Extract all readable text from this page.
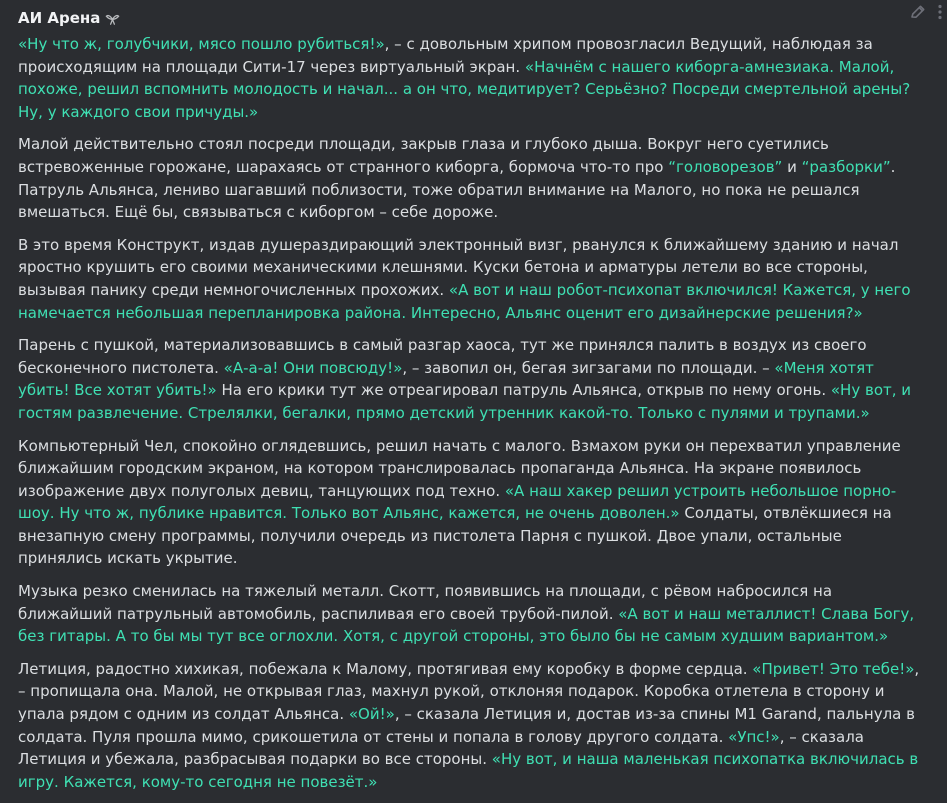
АИ Арена

«Ну что ж, голубчики, мясо пошло рубиться!», – с довольным хрипом провозгласил Ведущий, наблюдая за происходящим на площади Сити-17 через виртуальный экран. «Начнём с нашего киборга-амнезиака. Малой, похоже, решил вспомнить молодость и начал... а он что, медитирует? Серьёзно? Посреди смертельной арены? Ну, у каждого свои причуды.»

Малой действительно стоял посреди площади, закрыв глаза и глубоко дыша. Вокруг него суетились встревоженные горожане, шарахаясь от странного киборга, бормоча что-то про “головорезов” и “разборки”. Патруль Альянса, лениво шагавший поблизости, тоже обратил внимание на Малого, но пока не решался вмешаться. Ещё бы, связываться с киборгом – себе дороже.

В это время Конструкт, издав душераздирающий электронный визг, рванулся к ближайшему зданию и начал яростно крушить его своими механическими клешнями. Куски бетона и арматуры летели во все стороны, вызывая панику среди немногочисленных прохожих. «А вот и наш робот-психопат включился! Кажется, у него намечается небольшая перепланировка района. Интересно, Альянс оценит его дизайнерские решения?»

Парень с пушкой, материализовавшись в самый разгар хаоса, тут же принялся палить в воздух из своего бесконечного пистолета. «А-а-а! Они повсюду!», – завопил он, бегая зигзагами по площади. – «Меня хотят убить! Все хотят убить!» На его крики тут же отреагировал патруль Альянса, открыв по нему огонь. «Ну вот, и гостям развлечение. Стрелялки, бегалки, прямо детский утренник какой-то. Только с пулями и трупами.»

Компьютерный Чел, спокойно оглядевшись, решил начать с малого. Взмахом руки он перехватил управление ближайшим городским экраном, на котором транслировалась пропаганда Альянса. На экране появилось изображение двух полуголых девиц, танцующих под техно. «А наш хакер решил устроить небольшое порно-шоу. Ну что ж, публике нравится. Только вот Альянс, кажется, не очень доволен.» Солдаты, отвлёкшиеся на внезапную смену программы, получили очередь из пистолета Парня с пушкой. Двое упали, остальные принялись искать укрытие.

Музыка резко сменилась на тяжелый металл. Скотт, появившись на площади, с рёвом набросился на ближайший патрульный автомобиль, распиливая его своей трубой-пилой. «А вот и наш металлист! Слава Богу, без гитары. А то бы мы тут все оглохли. Хотя, с другой стороны, это было бы не самым худшим вариантом.»

Летиция, радостно хихикая, побежала к Малому, протягивая ему коробку в форме сердца. «Привет! Это тебе!», – пропищала она. Малой, не открывая глаз, махнул рукой, отклоняя подарок. Коробка отлетела в сторону и упала рядом с одним из солдат Альянса. «Ой!», – сказала Летиция и, достав из-за спины M1 Garand, пальнула в солдата. Пуля прошла мимо, срикошетила от стены и попала в голову другого солдата. «Упс!», – сказала Летиция и убежала, разбрасывая подарки во все стороны. «Ну вот, и наша маленькая психопатка включилась в игру. Кажется, кому-то сегодня не повезёт.»
